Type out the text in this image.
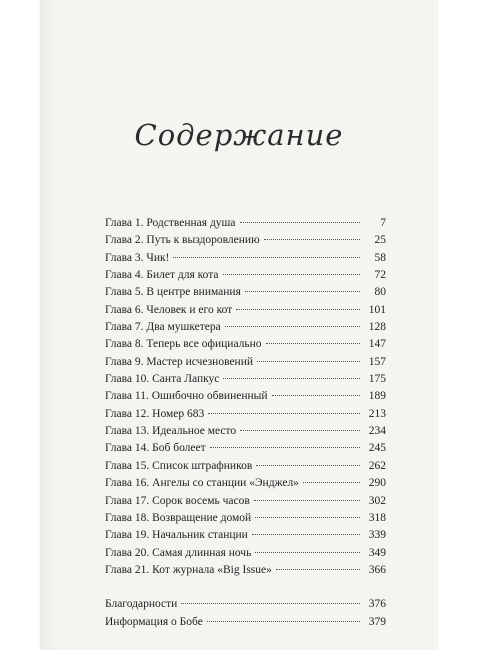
Содержание
Глава 1. Родственная душа	7
Глава 2. Путь к выздоровлению	25
Глава 3. Чик!	58
Глава 4. Билет для кота	72
Глава 5. В центре внимания	80
Глава 6. Человек и его кот	101
Глава 7. Два мушкетера	128
Глава 8. Теперь все официально	147
Глава 9. Мастер исчезновений	157
Глава 10. Санта Лапкус	175
Глава 11. Ошибочно обвиненный	189
Глава 12. Номер 683	213
Глава 13. Идеальное место	234
Глава 14. Боб болеет	245
Глава 15. Список штрафников	262
Глава 16. Ангелы со станции «Энджел»	290
Глава 17. Сорок восемь часов	302
Глава 18. Возвращение домой	318
Глава 19. Начальник станции	339
Глава 20. Самая длинная ночь	349
Глава 21. Кот журнала «Big Issue»	366
Благодарности	376
Информация о Бобе	379
